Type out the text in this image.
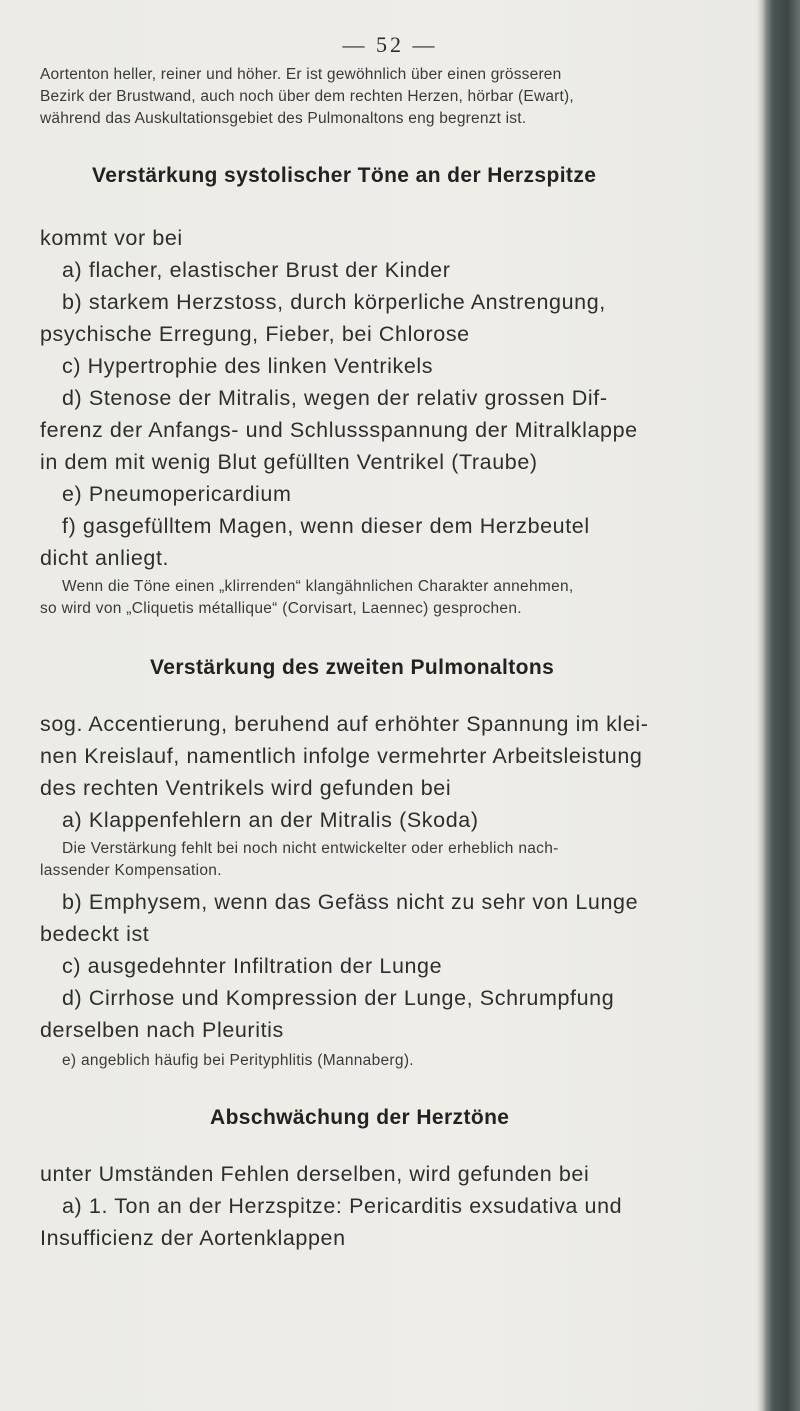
— 52 —

Aortenton heller, reiner und höher. Er ist gewöhnlich über einen grösseren

Bezirk der Brustwand, auch noch über dem rechten Herzen, hörbar (Ewart),

während das Auskultationsgebiet des Pulmonaltons eng begrenzt ist.

Verstärkung systolischer Töne an der Herzspitze

kommt vor bei

a) flacher, elastischer Brust der Kinder

b) starkem Herzstoss, durch körperliche Anstrengung,

psychische Erregung, Fieber, bei Chlorose

c) Hypertrophie des linken Ventrikels

d) Stenose der Mitralis, wegen der relativ grossen Dif-

ferenz der Anfangs- und Schlussspannung der Mitralklappe

in dem mit wenig Blut gefüllten Ventrikel (Traube)

e) Pneumopericardium

f) gasgefülltem Magen, wenn dieser dem Herzbeutel

dicht anliegt.

Wenn die Töne einen „klirrenden“ klangähnlichen Charakter annehmen,

so wird von „Cliquetis métallique“ (Corvisart, Laennec) gesprochen.

Verstärkung des zweiten Pulmonaltons

sog. Accentierung, beruhend auf erhöhter Spannung im klei-

nen Kreislauf, namentlich infolge vermehrter Arbeitsleistung

des rechten Ventrikels wird gefunden bei

a) Klappenfehlern an der Mitralis (Skoda)

Die Verstärkung fehlt bei noch nicht entwickelter oder erheblich nach-

lassender Kompensation.

b) Emphysem, wenn das Gefäss nicht zu sehr von Lunge

bedeckt ist

c) ausgedehnter Infiltration der Lunge

d) Cirrhose und Kompression der Lunge, Schrumpfung

derselben nach Pleuritis

e) angeblich häufig bei Perityphlitis (Mannaberg).

Abschwächung der Herztöne

unter Umständen Fehlen derselben, wird gefunden bei

a) 1. Ton an der Herzspitze: Pericarditis exsudativa und

Insufficienz der Aortenklappen
